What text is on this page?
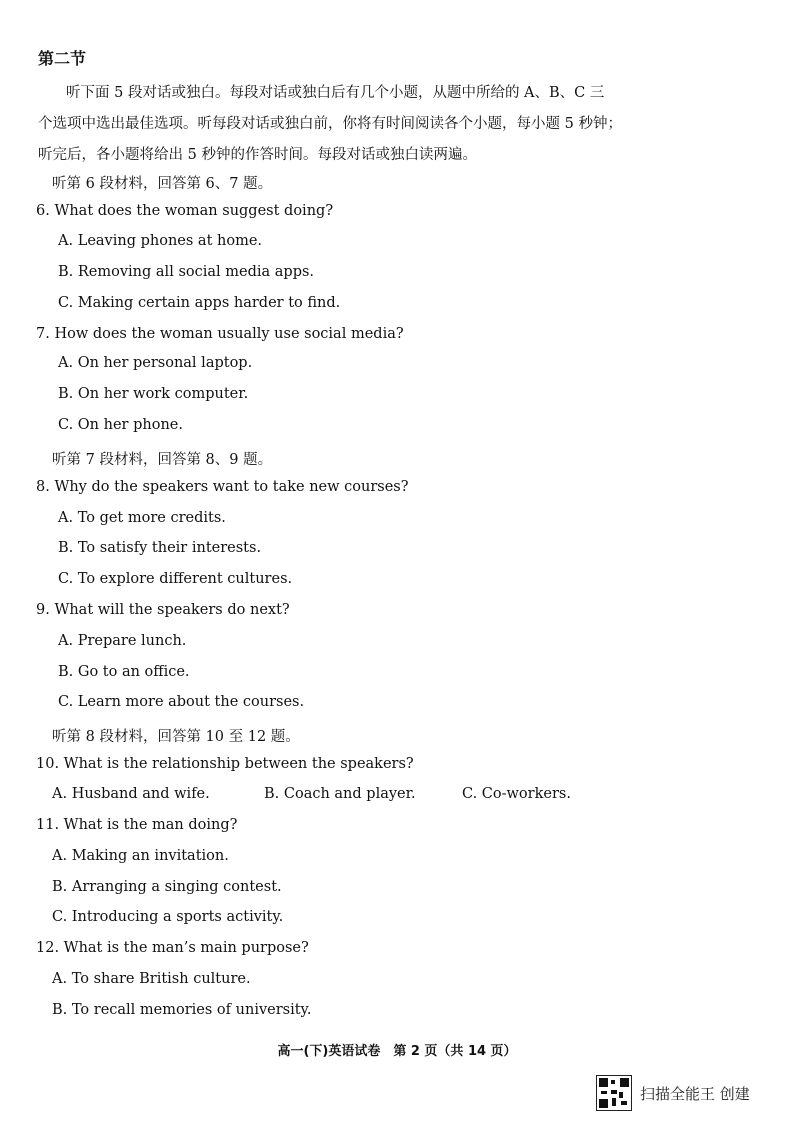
第二节

听下面 5 段对话或独白。每段对话或独白后有几个小题，从题中所给的 A、B、C 三

个选项中选出最佳选项。听每段对话或独白前，你将有时间阅读各个小题，每小题 5 秒钟；

听完后，各小题将给出 5 秒钟的作答时间。每段对话或独白读两遍。

听第 6 段材料，回答第 6、7 题。
6. What does the woman suggest doing?
A. Leaving phones at home.
B. Removing all social media apps.
C. Making certain apps harder to find.
7. How does the woman usually use social media?
A. On her personal laptop.
B. On her work computer.
C. On her phone.
听第 7 段材料，回答第 8、9 题。
8. Why do the speakers want to take new courses?
A. To get more credits.
B. To satisfy their interests.
C. To explore different cultures.
9. What will the speakers do next?
A. Prepare lunch.
B. Go to an office.
C. Learn more about the courses.
听第 8 段材料，回答第 10 至 12 题。
10. What is the relationship between the speakers?
A. Husband and wife.	B. Coach and player.	C. Co-workers.
11. What is the man doing?
A. Making an invitation.
B. Arranging a singing contest.
C. Introducing a sports activity.
12. What is the man’s main purpose?
A. To share British culture.
B. To recall memories of university.
高一(下)英语试卷　第 2 页（共 14 页）
扫描全能王 创建
